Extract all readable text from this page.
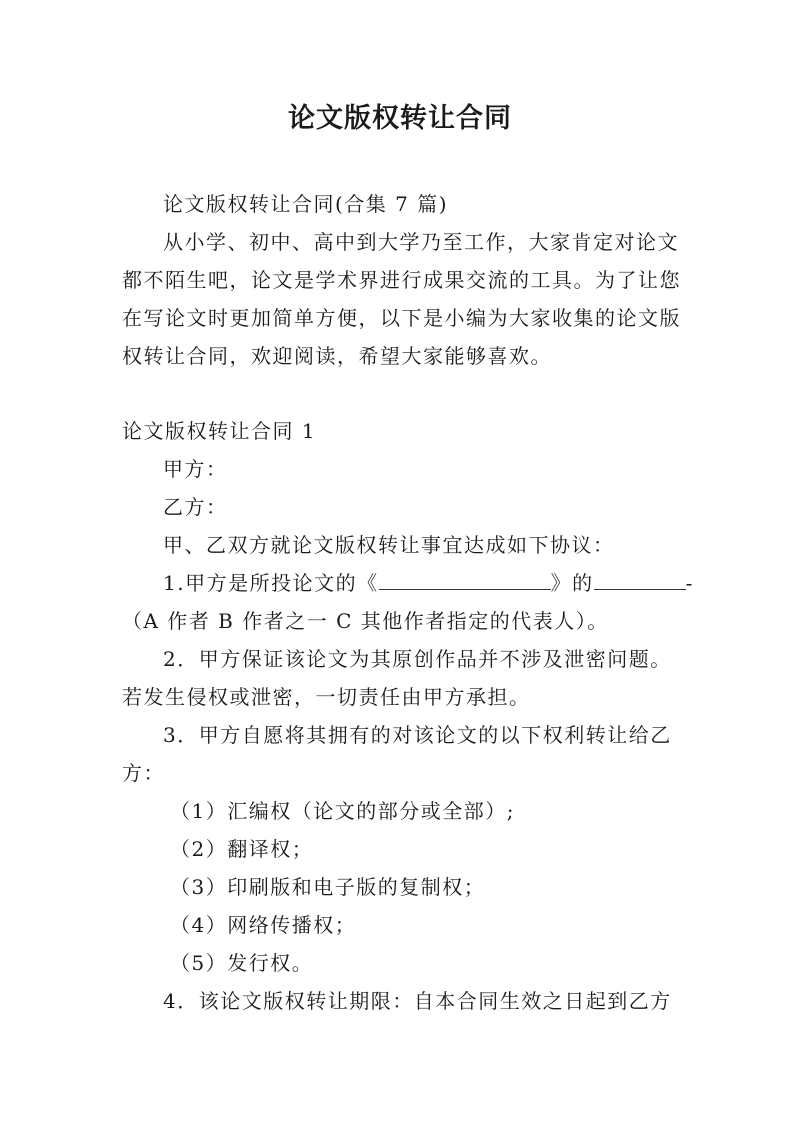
论文版权转让合同
论文版权转让合同(合集 7 篇)
从小学、初中、高中到大学乃至工作，大家肯定对论文
都不陌生吧，论文是学术界进行成果交流的工具。为了让您
在写论文时更加简单方便，以下是小编为大家收集的论文版
权转让合同，欢迎阅读，希望大家能够喜欢。
论文版权转让合同 1
甲方：
乙方：
甲、乙双方就论文版权转让事宜达成如下协议：
1.甲方是所投论文的《	》的	-
（A 作者 B 作者之一 C 其他作者指定的代表人）。
2．甲方保证该论文为其原创作品并不涉及泄密问题。
若发生侵权或泄密，一切责任由甲方承担。
3．甲方自愿将其拥有的对该论文的以下权利转让给乙
方：
（1）汇编权（论文的部分或全部）;
（2）翻译权；
（3）印刷版和电子版的复制权；
（4）网络传播权；
（5）发行权。
4．该论文版权转让期限：自本合同生效之日起到乙方
